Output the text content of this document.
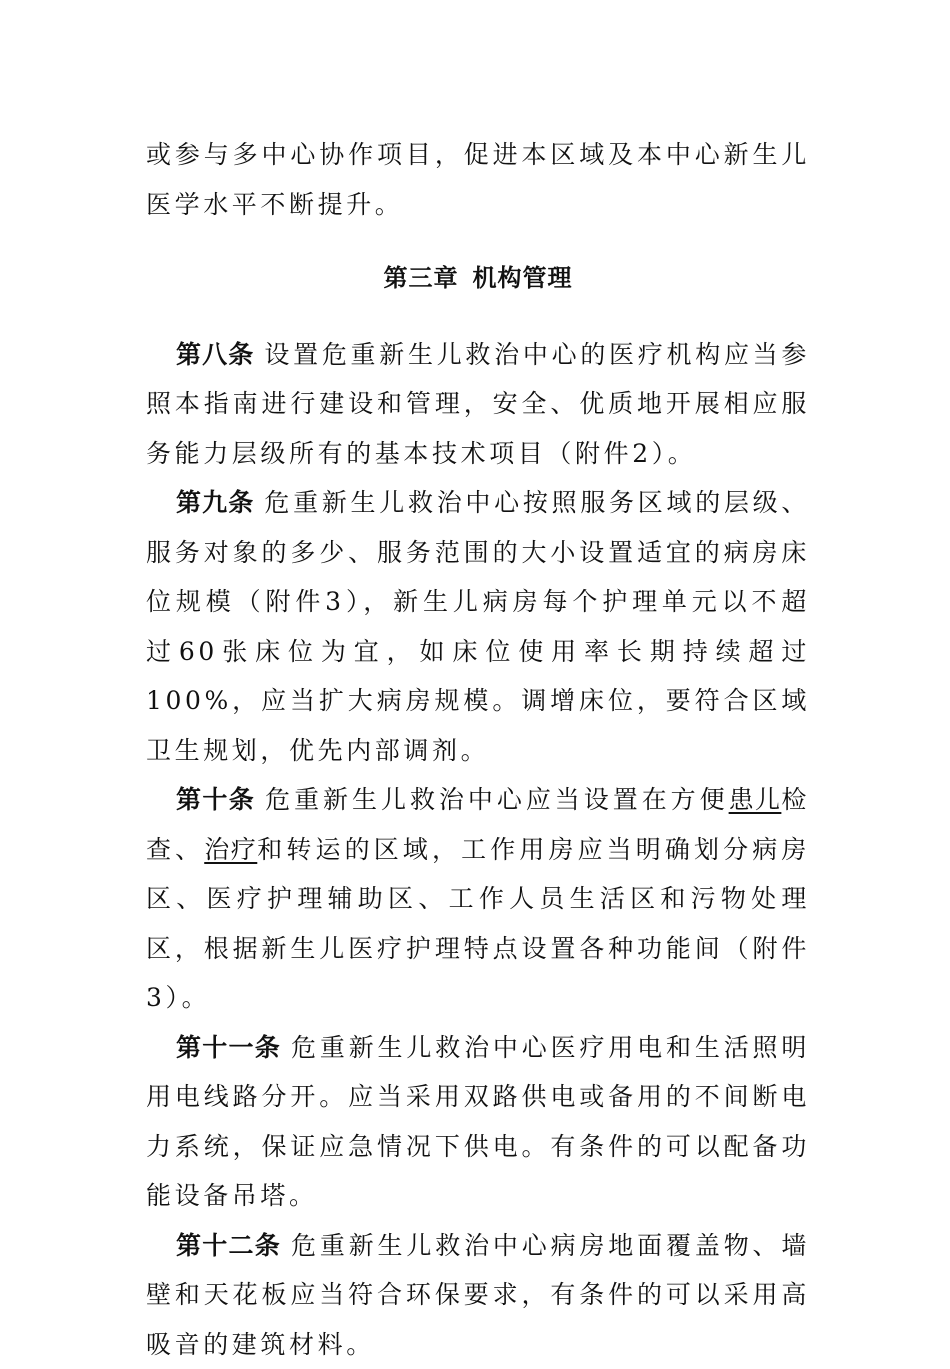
或参与多中心协作项目，促进本区域及本中心新生儿医学水平不断提升。

第三章 机构管理

第八条 设置危重新生儿救治中心的医疗机构应当参照本指南进行建设和管理，安全、优质地开展相应服务能力层级所有的基本技术项目（附件2）。

第九条 危重新生儿救治中心按照服务区域的层级、服务对象的多少、服务范围的大小设置适宜的病房床位规模（附件3），新生儿病房每个护理单元以不超过60张床位为宜，如床位使用率长期持续超过100%，应当扩大病房规模。调增床位，要符合区域卫生规划，优先内部调剂。

第十条 危重新生儿救治中心应当设置在方便患儿检查、治疗和转运的区域，工作用房应当明确划分病房区、医疗护理辅助区、工作人员生活区和污物处理区，根据新生儿医疗护理特点设置各种功能间（附件3）。

第十一条 危重新生儿救治中心医疗用电和生活照明用电线路分开。应当采用双路供电或备用的不间断电力系统，保证应急情况下供电。有条件的可以配备功能设备吊塔。

第十二条 危重新生儿救治中心病房地面覆盖物、墙壁和天花板应当符合环保要求，有条件的可以采用高吸音的建筑材料。
